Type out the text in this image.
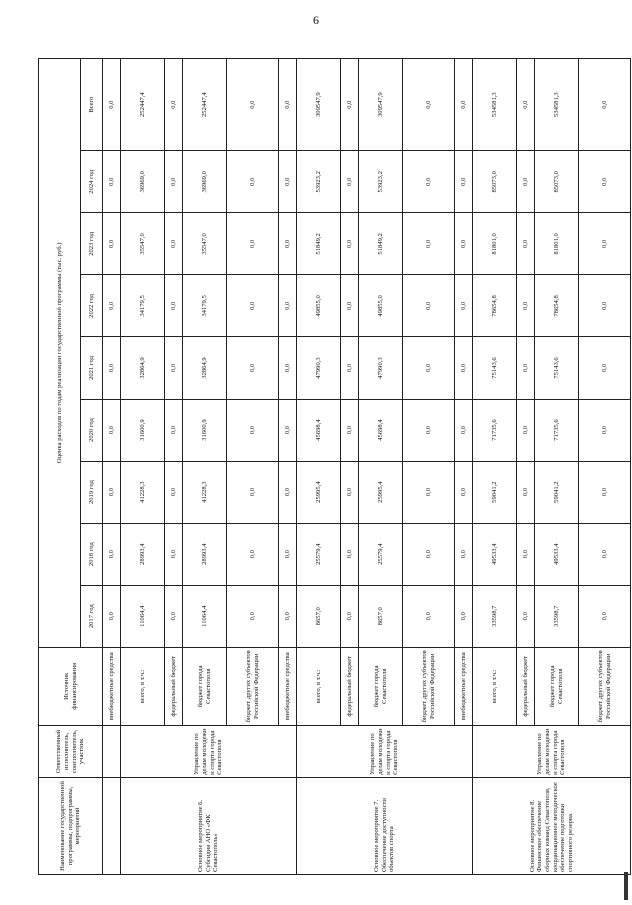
6
Наименование государственной программы, подпрограммы, мероприятий	Ответственный исполнитель, соисполнитель, участник	Источник финансирования	Оценка расходов по годам реализации государственной программы (тыс. руб.)								
			2017 год	2018 год	2019 год	2020 год	2021 год	2022 год	2023 год	2024 год	Всего
		внебюджетные средства	0,0	0,0	0,0	0,0	0,0	0,0	0,0	0,0	0,0
Основное мероприятие 6. Субсидия АНО «ФК Севастополь»	Управление по делам молодежи и спорта города Севастополя	всего, в т.ч.:	11064,4	28993,4	41228,3	31600,9	32864,9	34179,5	35547,0	36969,0	252447,4
		федеральный бюджет	0,0	0,0	0,0	0,0	0,0	0,0	0,0	0,0	0,0
		бюджет города Севастополя	11064,4	28993,4	41228,3	31600,9	32864,9	34179,5	35547,0	36969,0	252447,4
		бюджет других субъектов Российской Федерации	0,0	0,0	0,0	0,0	0,0	0,0	0,0	0,0	0,0
		внебюджетные средства	0,0	0,0	0,0	0,0	0,0	0,0	0,0	0,0	0,0
Основное мероприятие 7. Обеспечение доступности объектов спорта	Управление по делам молодежи и спорта города Севастополя	всего, в т.ч.:	8657,0	25579,4	25995,4	45698,4	47990,3	49855,0	51849,2	53923,2	309547,9
		федеральный бюджет	0,0	0,0	0,0	0,0	0,0	0,0	0,0	0,0	0,0
		бюджет города Севастополя	8657,0	25579,4	25995,4	45698,4	47990,3	49855,0	51849,2	53923,2	309547,9
		бюджет других субъектов Российской Федерации	0,0	0,0	0,0	0,0	0,0	0,0	0,0	0,0	0,0
		внебюджетные средства	0,0	0,0	0,0	0,0	0,0	0,0	0,0	0,0	0,0
Основное мероприятие 8. Финансовое обеспечение сборных команд Севастополя, координационное методическое обеспечение подготовки спортивного резерва	Управление по делам молодежи и спорта города Севастополя	всего, в т.ч.:	33598,7	49533,4	59041,2	71735,6	75143,6	78654,8	81801,0	85073,0	534581,3
		федеральный бюджет	0,0	0,0	0,0	0,0	0,0	0,0	0,0	0,0	0,0
		бюджет города Севастополя	33598,7	49533,4	59041,2	71735,6	75143,6	78654,8	81801,0	85073,0	534581,3
		бюджет других субъектов Российской Федерации	0,0	0,0	0,0	0,0	0,0	0,0	0,0	0,0	0,0
